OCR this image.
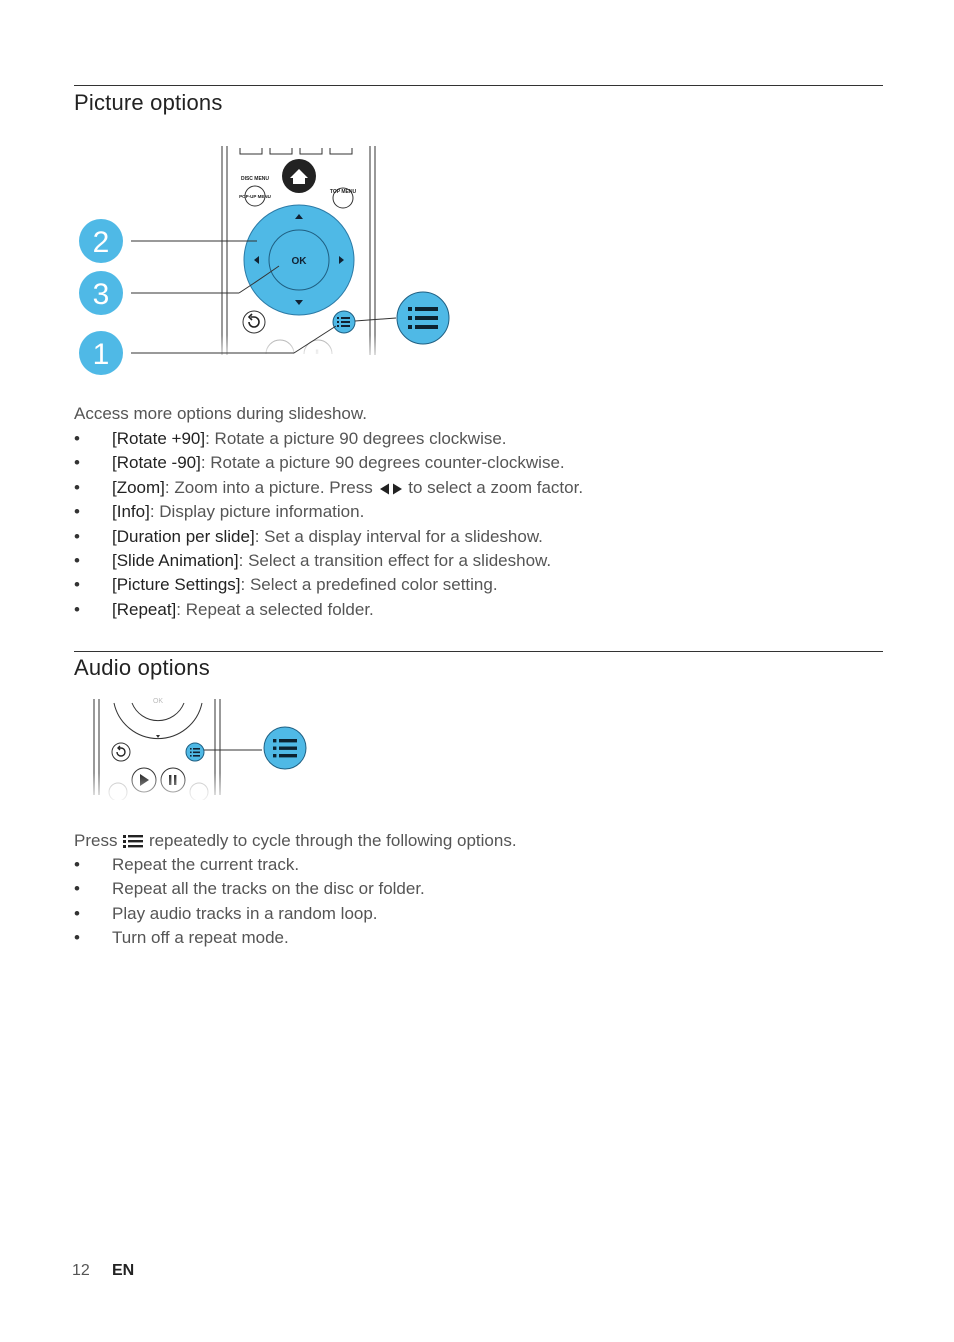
Picture options
DISC MENU
TOP MENU
POP-UP MENU
OK
2
3
1

Access more options during slideshow.

• [Rotate +90]: Rotate a picture 90 degrees clockwise.
• [Rotate -90]: Rotate a picture 90 degrees counter-clockwise.
• [Zoom]: Zoom into a picture. Press to select a zoom factor.
• [Info]: Display picture information.
• [Duration per slide]: Set a display interval for a slideshow.
• [Slide Animation]: Select a transition effect for a slideshow.
• [Picture Settings]: Select a predefined color setting.
• [Repeat]: Repeat a selected folder.
Audio options
OK

Press repeatedly to cycle through the following options.

• Repeat the current track.
• Repeat all the tracks on the disc or folder.
• Play audio tracks in a random loop.
• Turn off a repeat mode.
12 EN
